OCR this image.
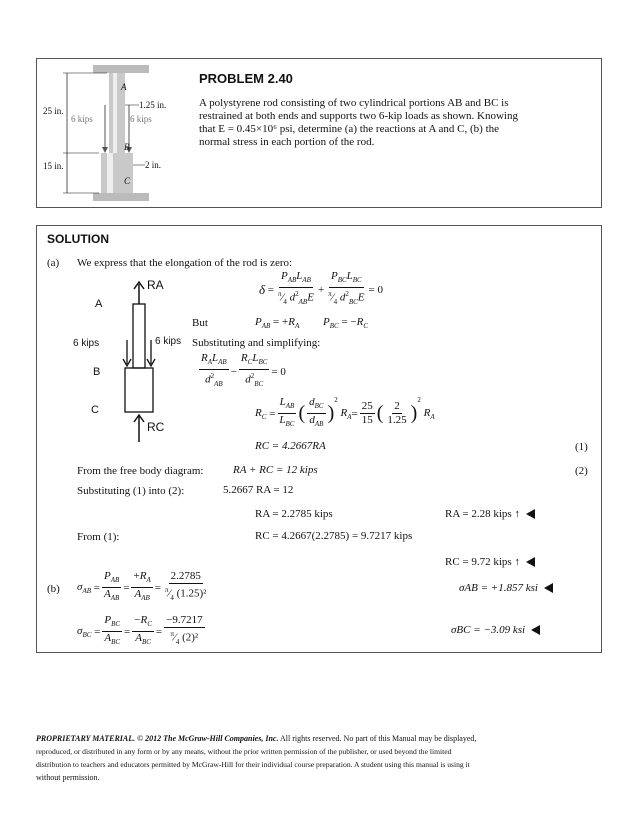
A
B
C
25 in.
15 in.
1.25 in.
2 in.
6 kips	6 kips
PROBLEM 2.40
A polystyrene rod consisting of two cylindrical portions AB and BC is
restrained at both ends and supports two 6-kip loads as shown. Knowing
that E = 0.45×10⁶ psi, determine (a) the reactions at A and C, (b) the
normal stress in each portion of the rod.
SOLUTION
(a) We express that the elongation of the rod is zero:
$\delta = \frac{P_{AB}L_{AB}}{^\pi⁄_4 d^2_{AB}E} + \frac{P_{BC}L_{BC}}{^\pi⁄_4 d^2_{BC}E} = 0$
But	$P_{AB} = +R_A$ $P_{BC} = -R_C$
Substituting and simplifying:
$\frac{R_AL_{AB}}{d^2_{AB}} - \frac{R_CL_{BC}}{d^2_{BC}} = 0$
$R_C = \frac{L_{AB}}{L_{BC}}$ ( $\frac{d_{BC}}{d_{AB}}$ )
$^2$

$R_A = \frac{25}{15}$ ( $\frac{2}{1.25}$ )
$^2$

$R_A$
RC = 4.2667RA	(1)
From the free body diagram:	RA + RC = 12 kips	(2)
Substituting (1) into (2):	5.2667 RA = 12
RA = 2.2785 kips	RA = 2.28 kips ↑
From (1):	RC = 4.2667(2.2785) = 9.7217 kips
RC = 9.72 kips ↑
(b) $\sigma_{AB} = \frac{P_{AB}}{A_{AB}} = \frac{+R_A}{A_{AB}} = \frac{2.2785}{^\pi⁄_4 (1.25)^2}$	σAB = +1.857 ksi
$\sigma_{BC} = \frac{P_{BC}}{A_{BC}} = \frac{-R_C}{A_{BC}} = \frac{-9.7217}{^\pi⁄_4 (2)^2}$	σBC = −3.09 ksi
RA
A
6 kips	6 kips
B
C
RC
PROPRIETARY MATERIAL. © 2012 The McGraw-Hill Companies, Inc. All rights reserved. No part of this Manual may be displayed,
reproduced, or distributed in any form or by any means, without the prior written permission of the publisher, or used beyond the limited
distribution to teachers and educators permitted by McGraw-Hill for their individual course preparation. A student using this manual is using it
without permission.
